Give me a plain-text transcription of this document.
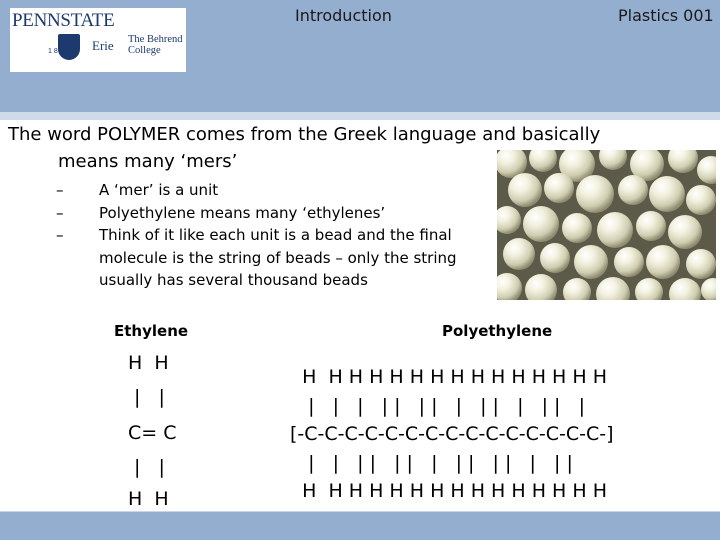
PENNSTATE
1855 Erie The Behrend College
Introduction	Plastics 001
The word POLYMER comes from the Greek language and basically
means many ‘mers’
– A ‘mer’ is a unit
– Polyethylene means many ‘ethylenes’
– Think of it like each unit is a bead and the final molecule is the string of beads – only the string usually has several thousand beads
Ethylene	Polyethylene
H  H
|   |
C= C
|   |
H  H
H  H H H H H H H H H H H H H H
|   |   |   | |   | |   |   | |   |   | |   |
[-C-C-C-C-C-C-C-C-C-C-C-C-C-C-C-]
|   |   | |   | |   |   | |   | |   |   | |
H  H H H H H H H H H H H H H H
